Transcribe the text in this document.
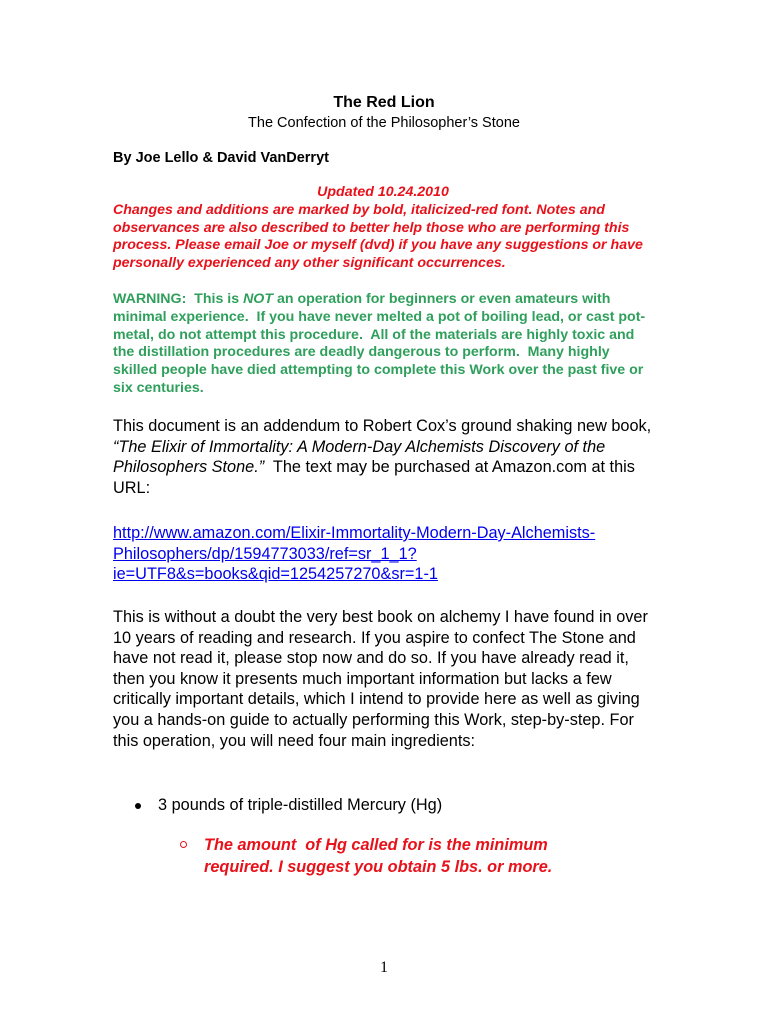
The Red Lion
The Confection of the Philosopher’s Stone
By Joe Lello & David VanDerryt
Updated 10.24.2010
Changes and additions are marked by bold, italicized-red font. Notes and observances are also described to better help those who are performing this process. Please email Joe or myself (dvd) if you have any suggestions or have personally experienced any other significant occurrences.
WARNING:  This is NOT an operation for beginners or even amateurs with minimal experience.  If you have never melted a pot of boiling lead, or cast pot-metal, do not attempt this procedure.  All of the materials are highly toxic and the distillation procedures are deadly dangerous to perform.  Many highly skilled people have died attempting to complete this Work over the past five or six centuries.
This document is an addendum to Robert Cox’s ground shaking new book, “The Elixir of Immortality: A Modern-Day Alchemists Discovery of the Philosophers Stone.”  The text may be purchased at Amazon.com at this URL:
http://www.amazon.com/Elixir-Immortality-Modern-Day-Alchemists-
Philosophers/dp/1594773033/ref=sr_1_1?
ie=UTF8&s=books&qid=1254257270&sr=1-1
This is without a doubt the very best book on alchemy I have found in over 10 years of reading and research. If you aspire to confect The Stone and have not read it, please stop now and do so. If you have already read it, then you know it presents much important information but lacks a few critically important details, which I intend to provide here as well as giving you a hands-on guide to actually performing this Work, step-by-step. For this operation, you will need four main ingredients:
3 pounds of triple-distilled Mercury (Hg)
The amount  of Hg called for is the minimum required. I suggest you obtain 5 lbs. or more.
1
